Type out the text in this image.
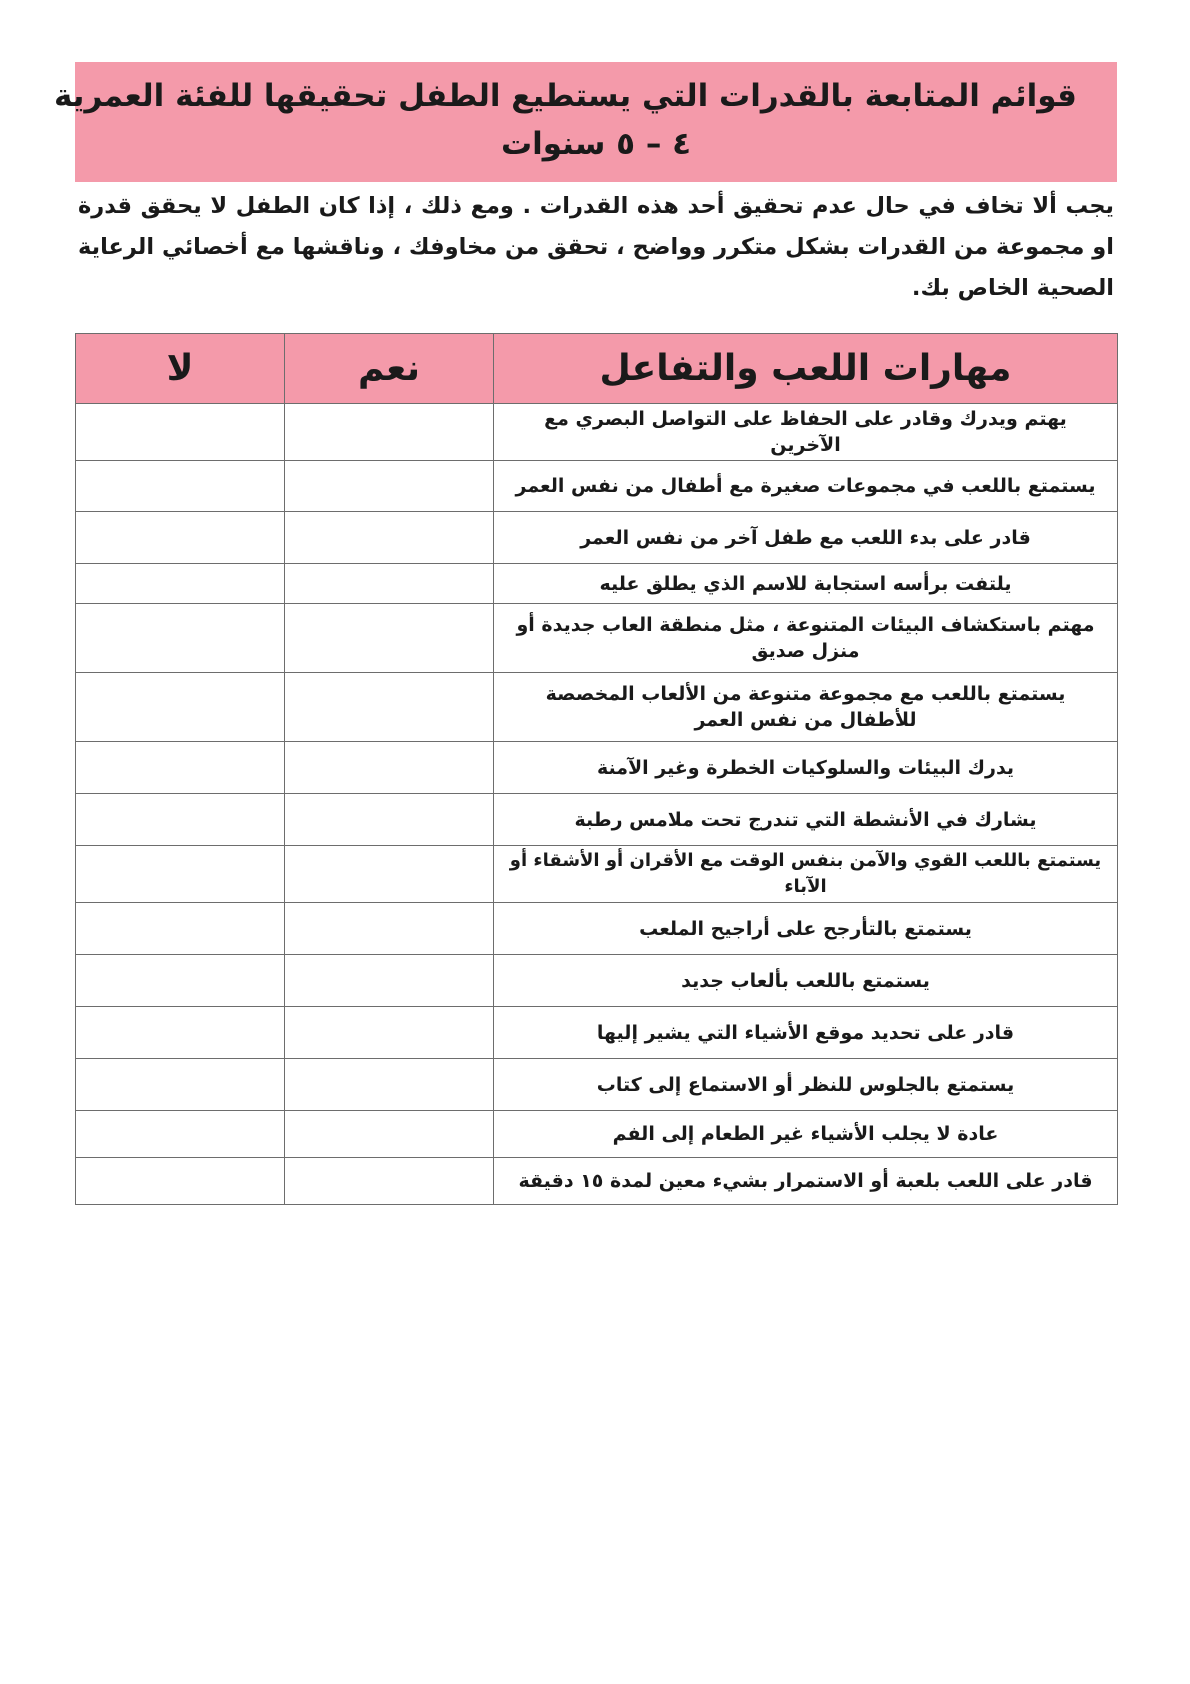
قوائم المتابعة بالقدرات التي يستطيع الطفل تحقيقها للفئة العمرية
٤ – ٥ سنوات
يجب ألا تخاف في حال عدم تحقيق أحد هذه القدرات . ومع ذلك ، إذا كان الطفل لا يحقق قدرة او مجموعة من القدرات بشكل متكرر وواضح ، تحقق من مخاوفك ، وناقشها مع أخصائي الرعاية الصحية الخاص بك.
مهارات اللعب والتفاعل	نعم	لا
يهتم ويدرك وقادر على الحفاظ على التواصل البصري مع الآخرين		
يستمتع باللعب في مجموعات صغيرة مع أطفال من نفس العمر		
قادر على بدء اللعب مع طفل آخر من نفس العمر		
يلتفت برأسه استجابة للاسم الذي يطلق عليه		
مهتم باستكشاف البيئات المتنوعة ، مثل منطقة العاب جديدة أو منزل صديق		
يستمتع باللعب مع مجموعة متنوعة من الألعاب المخصصة للأطفال من نفس العمر		
يدرك البيئات والسلوكيات الخطرة وغير الآمنة		
يشارك في الأنشطة التي تندرج تحت ملامس رطبة		
يستمتع باللعب القوي والآمن بنفس الوقت مع الأقران أو الأشقاء أو الآباء		
يستمتع بالتأرجح على أراجيح الملعب		
يستمتع باللعب بألعاب جديد		
قادر على تحديد موقع الأشياء التي يشير إليها		
يستمتع بالجلوس للنظر أو الاستماع إلى كتاب		
عادة لا يجلب الأشياء غير الطعام إلى الفم		
قادر على اللعب بلعبة أو الاستمرار بشيء معين لمدة ١٥ دقيقة		
